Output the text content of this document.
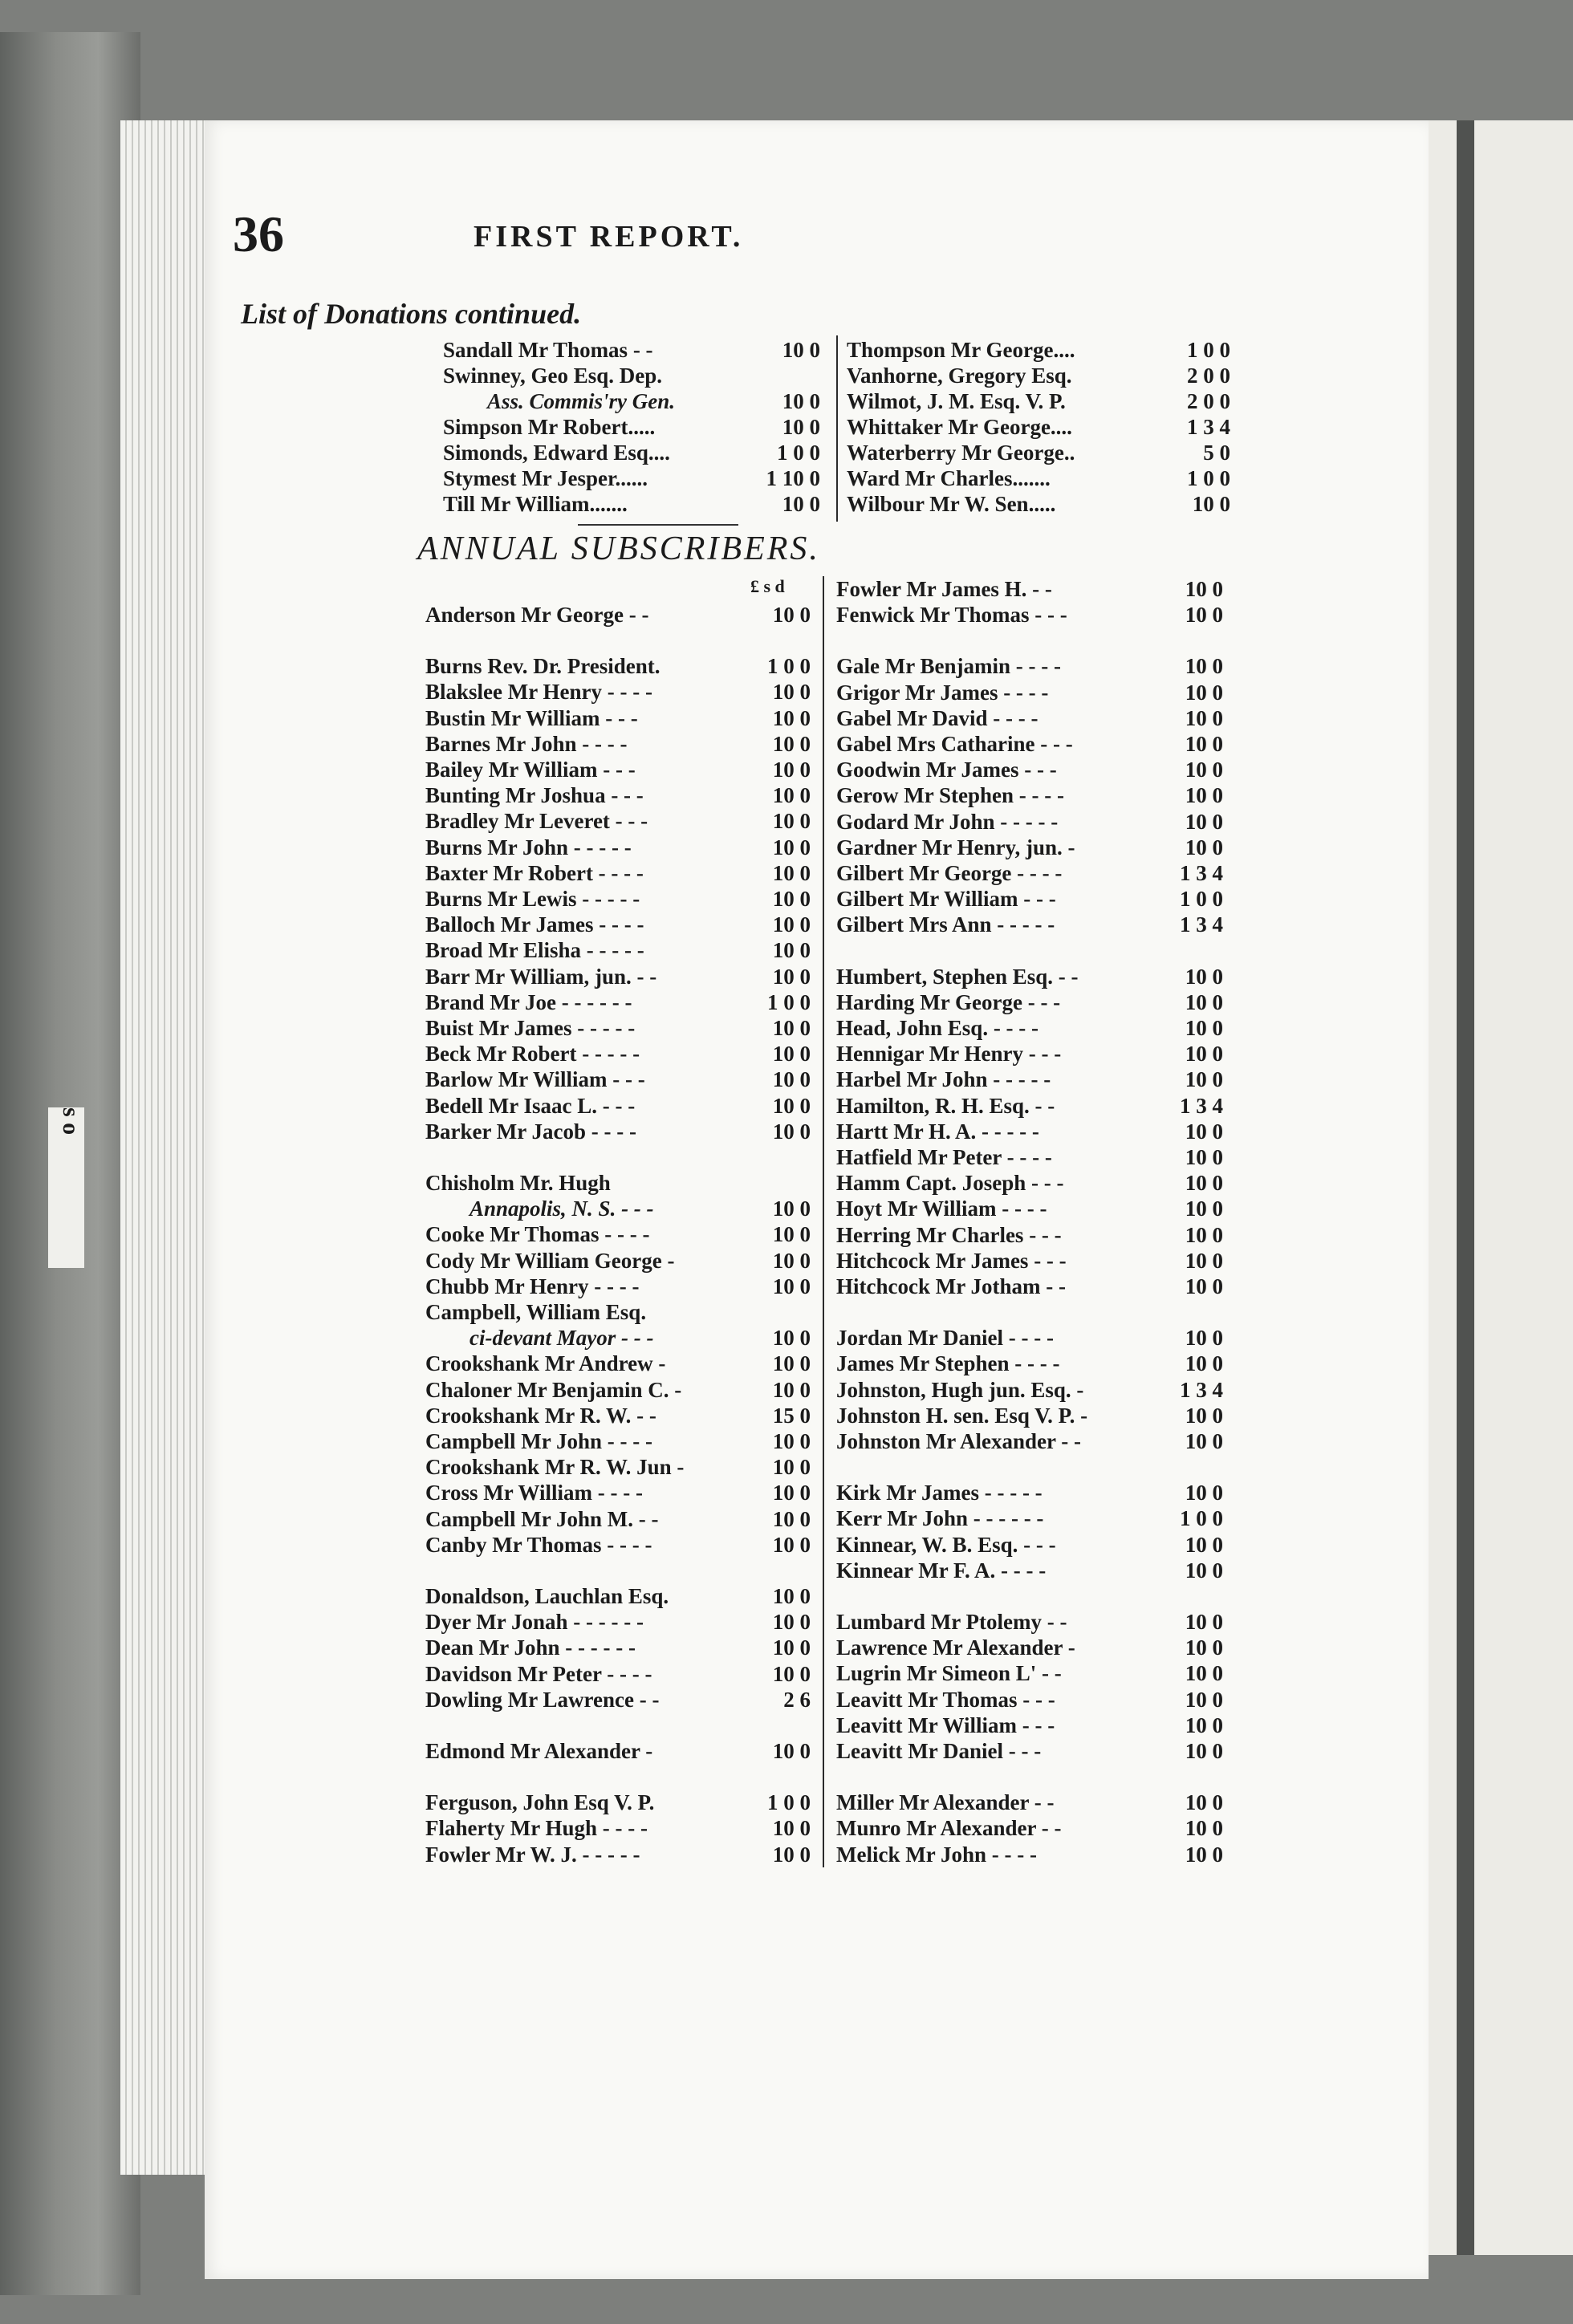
s o
36	FIRST REPORT.
List of Donations continued.
ANNUAL SUBSCRIBERS.
Sandall Mr Thomas - -	10 0
Swinney, Geo Esq. Dep.
Ass. Commis'ry Gen.	10 0
Simpson Mr Robert.....	10 0
Simonds, Edward Esq....	1 0 0
Stymest Mr Jesper......	1 10 0
Till Mr William.......	10 0
Thompson Mr George....	1 0 0
Vanhorne, Gregory Esq.	2 0 0
Wilmot, J. M. Esq. V. P.	2 0 0
Whittaker Mr George....	1 3 4
Waterberry Mr George..	5 0
Ward Mr Charles.......	1 0 0
Wilbour Mr W. Sen.....	10 0
£ s d
Anderson Mr George - -	10 0
Burns Rev. Dr. President.	1 0 0
Blakslee Mr Henry - - - -	10 0
Bustin Mr William - - -	10 0
Barnes Mr John - - - -	10 0
Bailey Mr William - - -	10 0
Bunting Mr Joshua - - -	10 0
Bradley Mr Leveret - - -	10 0
Burns Mr John - - - - -	10 0
Baxter Mr Robert - - - -	10 0
Burns Mr Lewis - - - - -	10 0
Balloch Mr James - - - -	10 0
Broad Mr Elisha - - - - -	10 0
Barr Mr William, jun. - -	10 0
Brand Mr Joe - - - - - -	1 0 0
Buist Mr James - - - - -	10 0
Beck Mr Robert - - - - -	10 0
Barlow Mr William - - -	10 0
Bedell Mr Isaac L. - - -	10 0
Barker Mr Jacob - - - -	10 0
Chisholm Mr. Hugh
Annapolis, N. S. - - -	10 0
Cooke Mr Thomas - - - -	10 0
Cody Mr William George -	10 0
Chubb Mr Henry - - - -	10 0
Campbell, William Esq.
ci-devant Mayor - - -	10 0
Crookshank Mr Andrew -	10 0
Chaloner Mr Benjamin C. -	10 0
Crookshank Mr R. W. - -	15 0
Campbell Mr John - - - -	10 0
Crookshank Mr R. W. Jun -	10 0
Cross Mr William - - - -	10 0
Campbell Mr John M. - -	10 0
Canby Mr Thomas - - - -	10 0
Donaldson, Lauchlan Esq.	10 0
Dyer Mr Jonah - - - - - -	10 0
Dean Mr John - - - - - -	10 0
Davidson Mr Peter - - - -	10 0
Dowling Mr Lawrence - -	2 6
Edmond Mr Alexander -	10 0
Ferguson, John Esq V. P.	1 0 0
Flaherty Mr Hugh - - - -	10 0
Fowler Mr W. J. - - - - -	10 0
Fowler Mr James H. - -	10 0
Fenwick Mr Thomas - - -	10 0
Gale Mr Benjamin - - - -	10 0
Grigor Mr James - - - -	10 0
Gabel Mr David - - - -	10 0
Gabel Mrs Catharine - - -	10 0
Goodwin Mr James - - -	10 0
Gerow Mr Stephen - - - -	10 0
Godard Mr John - - - - -	10 0
Gardner Mr Henry, jun. -	10 0
Gilbert Mr George - - - -	1 3 4
Gilbert Mr William - - -	1 0 0
Gilbert Mrs Ann - - - - -	1 3 4
Humbert, Stephen Esq. - -	10 0
Harding Mr George - - -	10 0
Head, John Esq. - - - -	10 0
Hennigar Mr Henry - - -	10 0
Harbel Mr John - - - - -	10 0
Hamilton, R. H. Esq. - -	1 3 4
Hartt Mr H. A. - - - - -	10 0
Hatfield Mr Peter - - - -	10 0
Hamm Capt. Joseph - - -	10 0
Hoyt Mr William - - - -	10 0
Herring Mr Charles - - -	10 0
Hitchcock Mr James - - -	10 0
Hitchcock Mr Jotham - -	10 0
Jordan Mr Daniel - - - -	10 0
James Mr Stephen - - - -	10 0
Johnston, Hugh jun. Esq. -	1 3 4
Johnston H. sen. Esq V. P. -	10 0
Johnston Mr Alexander - -	10 0
Kirk Mr James - - - - -	10 0
Kerr Mr John - - - - - -	1 0 0
Kinnear, W. B. Esq. - - -	10 0
Kinnear Mr F. A. - - - -	10 0
Lumbard Mr Ptolemy - -	10 0
Lawrence Mr Alexander -	10 0
Lugrin Mr Simeon L' - -	10 0
Leavitt Mr Thomas - - -	10 0
Leavitt Mr William - - -	10 0
Leavitt Mr Daniel - - -	10 0
Miller Mr Alexander - -	10 0
Munro Mr Alexander - -	10 0
Melick Mr John - - - -	10 0
